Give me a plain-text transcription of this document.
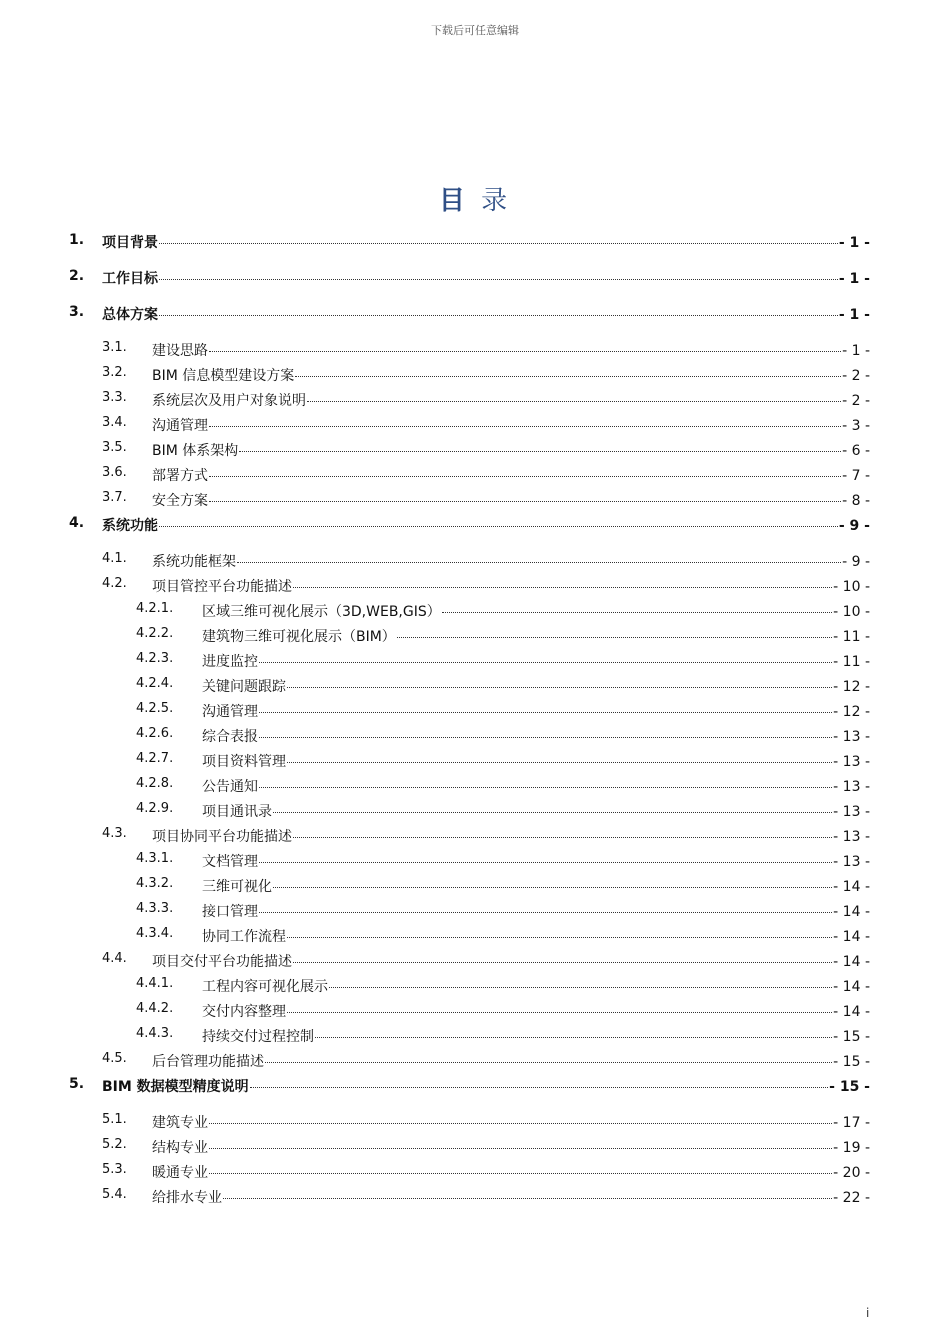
下载后可任意编辑
目 录
1. 项目背景	- 1 -
2. 工作目标	- 1 -
3. 总体方案	- 1 -
3.1. 建设思路	- 1 -
3.2. BIM 信息模型建设方案	- 2 -
3.3. 系统层次及用户对象说明	- 2 -
3.4. 沟通管理	- 3 -
3.5. BIM 体系架构	- 6 -
3.6. 部署方式	- 7 -
3.7. 安全方案	- 8 -
4. 系统功能	- 9 -
4.1. 系统功能框架	- 9 -
4.2. 项目管控平台功能描述	- 10 -
4.2.1. 区域三维可视化展示（3D,WEB,GIS）	- 10 -
4.2.2. 建筑物三维可视化展示（BIM）	- 11 -
4.2.3. 进度监控	- 11 -
4.2.4. 关键问题跟踪	- 12 -
4.2.5. 沟通管理	- 12 -
4.2.6. 综合表报	- 13 -
4.2.7. 项目资料管理	- 13 -
4.2.8. 公告通知	- 13 -
4.2.9. 项目通讯录	- 13 -
4.3. 项目协同平台功能描述	- 13 -
4.3.1. 文档管理	- 13 -
4.3.2. 三维可视化	- 14 -
4.3.3. 接口管理	- 14 -
4.3.4. 协同工作流程	- 14 -
4.4. 项目交付平台功能描述	- 14 -
4.4.1. 工程内容可视化展示	- 14 -
4.4.2. 交付内容整理	- 14 -
4.4.3. 持续交付过程控制	- 15 -
4.5. 后台管理功能描述	- 15 -
5. BIM 数据模型精度说明	- 15 -
5.1. 建筑专业	- 17 -
5.2. 结构专业	- 19 -
5.3. 暖通专业	- 20 -
5.4. 给排水专业	- 22 -
i
